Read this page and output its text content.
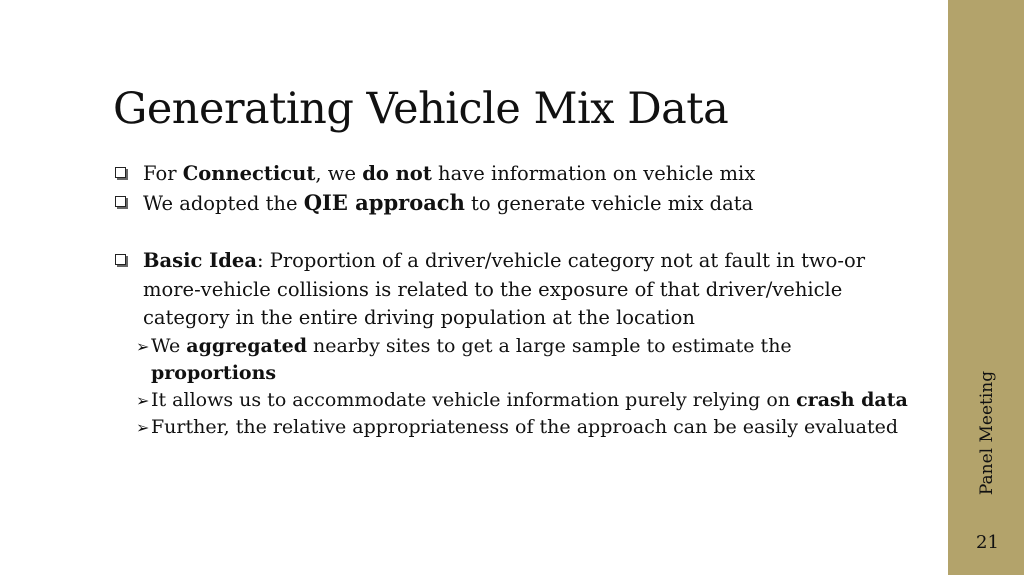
Generating Vehicle Mix Data
For Connecticut, we do not have information on vehicle mix
We adopted the QIE approach to generate vehicle mix data
Basic Idea: Proportion of a driver/vehicle category not at fault in two-or more-vehicle collisions is related to the exposure of that driver/vehicle category in the entire driving population at the location
➢ We aggregated nearby sites to get a large sample to estimate the proportions
➢ It allows us to accommodate vehicle information purely relying on crash data
➢ Further, the relative appropriateness of the approach can be easily evaluated	Panel Meeting
21
